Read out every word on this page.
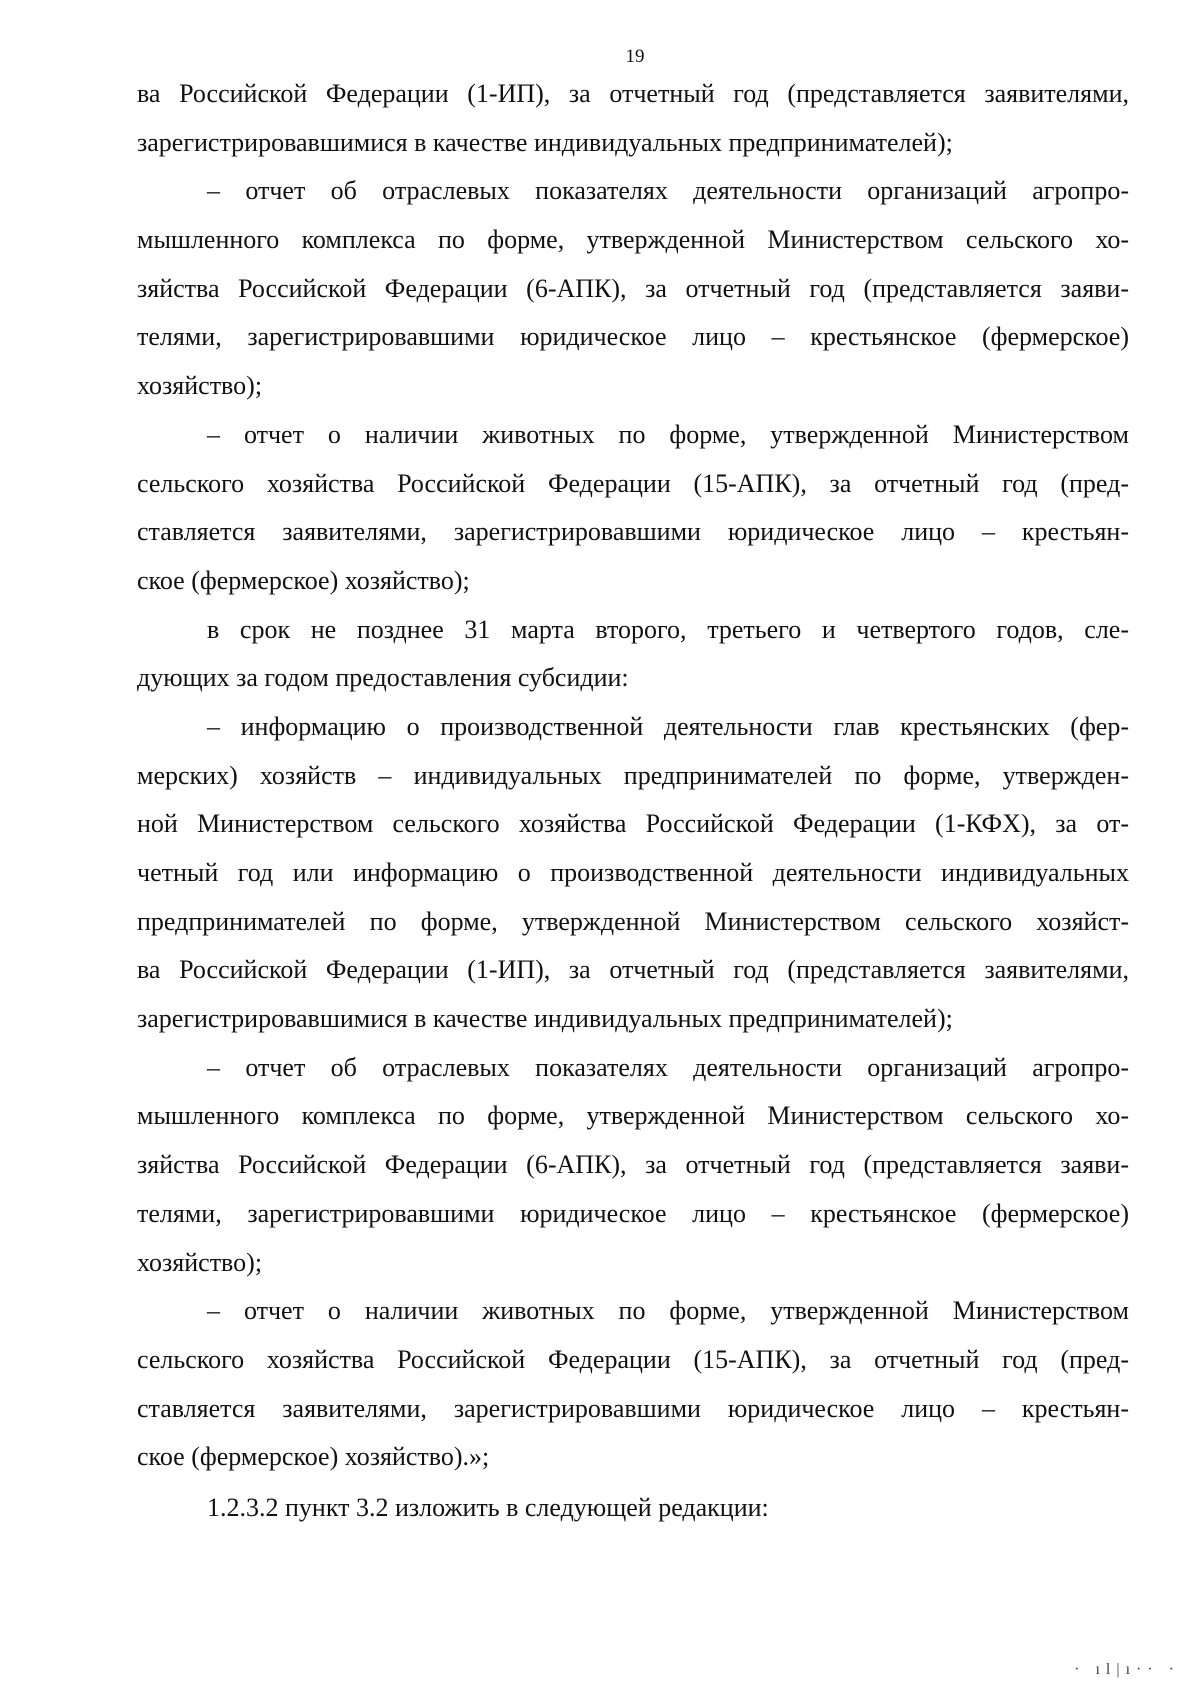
19
ва Российской Федерации (1-ИП), за отчетный год (представляется заявителями,
зарегистрировавшимися в качестве индивидуальных предпринимателей);
– отчет об отраслевых показателях деятельности организаций агропро-
мышленного комплекса по форме, утвержденной Министерством сельского хо-
зяйства Российской Федерации (6-АПК), за отчетный год (представляется заяви-
телями, зарегистрировавшими юридическое лицо – крестьянское (фермерское)
хозяйство);
– отчет о наличии животных по форме, утвержденной Министерством
сельского хозяйства Российской Федерации (15-АПК), за отчетный год (пред-
ставляется заявителями, зарегистрировавшими юридическое лицо – крестьян-
ское (фермерское) хозяйство);
в срок не позднее 31 марта второго, третьего и четвертого годов, сле-
дующих за годом предоставления субсидии:
– информацию о производственной деятельности глав крестьянских (фер-
мерских) хозяйств – индивидуальных предпринимателей по форме, утвержден-
ной Министерством сельского хозяйства Российской Федерации (1-КФХ), за от-
четный год или информацию о производственной деятельности индивидуальных
предпринимателей по форме, утвержденной Министерством сельского хозяйст-
ва Российской Федерации (1-ИП), за отчетный год (представляется заявителями,
зарегистрировавшимися в качестве индивидуальных предпринимателей);
– отчет об отраслевых показателях деятельности организаций агропро-
мышленного комплекса по форме, утвержденной Министерством сельского хо-
зяйства Российской Федерации (6-АПК), за отчетный год (представляется заяви-
телями, зарегистрировавшими юридическое лицо – крестьянское (фермерское)
хозяйство);
– отчет о наличии животных по форме, утвержденной Министерством
сельского хозяйства Российской Федерации (15-АПК), за отчетный год (пред-
ставляется заявителями, зарегистрировавшими юридическое лицо – крестьян-
ское (фермерское) хозяйство).»;
1.2.3.2 пункт 3.2 изложить в следующей редакции:
· ıl|ı·· ·
